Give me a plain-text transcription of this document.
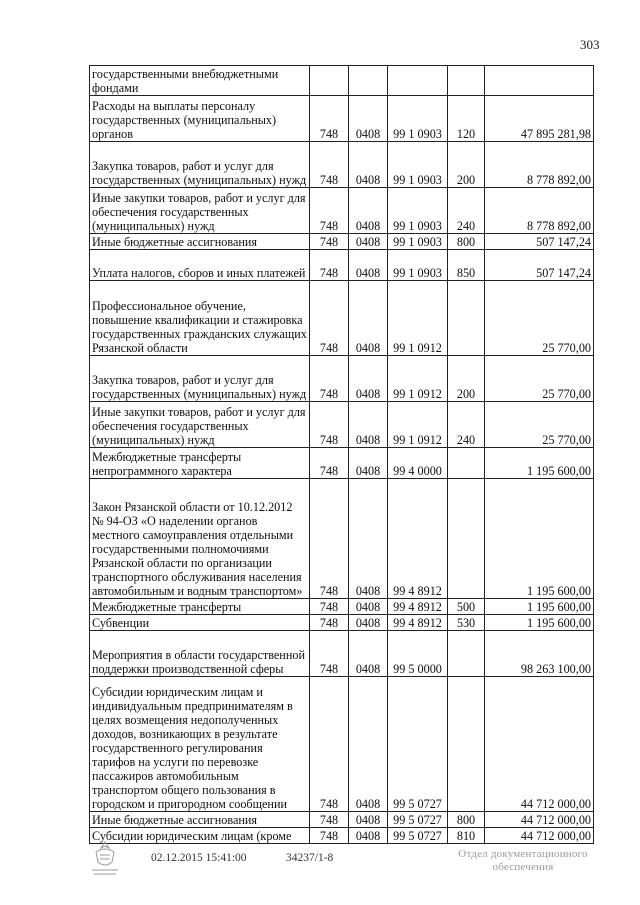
303
государственными внебюджетными фондами					
Расходы на выплаты персоналу государственных (муниципальных) органов	748	0408	99 1 0903	120	47 895 281,98
Закупка товаров, работ и услуг для государственных (муниципальных) нужд	748	0408	99 1 0903	200	8 778 892,00
Иные закупки товаров, работ и услуг для обеспечения государственных (муниципальных) нужд	748	0408	99 1 0903	240	8 778 892,00
Иные бюджетные ассигнования	748	0408	99 1 0903	800	507 147,24
Уплата налогов, сборов и иных платежей	748	0408	99 1 0903	850	507 147,24
Профессиональное обучение, повышение квалификации и стажировка государственных гражданских служащих Рязанской области	748	0408	99 1 0912		25 770,00
Закупка товаров, работ и услуг для государственных (муниципальных) нужд	748	0408	99 1 0912	200	25 770,00
Иные закупки товаров, работ и услуг для обеспечения государственных (муниципальных) нужд	748	0408	99 1 0912	240	25 770,00
Межбюджетные трансферты непрограммного характера	748	0408	99 4 0000		1 195 600,00
Закон Рязанской области от 10.12.2012 № 94-ОЗ «О наделении органов местного самоуправления отдельными государственными полномочиями Рязанской области по организации транспортного обслуживания населения автомобильным и водным транспортом»	748	0408	99 4 8912		1 195 600,00
Межбюджетные трансферты	748	0408	99 4 8912	500	1 195 600,00
Субвенции	748	0408	99 4 8912	530	1 195 600,00
Мероприятия в области государственной поддержки производственной сферы	748	0408	99 5 0000		98 263 100,00
Субсидии юридическим лицам и индивидуальным предпринимателям в целях возмещения недополученных доходов, возникающих в результате государственного регулирования тарифов на услуги по перевозке пассажиров автомобильным транспортом общего пользования в городском и пригородном сообщении	748	0408	99 5 0727		44 712 000,00
Иные бюджетные ассигнования	748	0408	99 5 0727	800	44 712 000,00
Субсидии юридическим лицам (кроме	748	0408	99 5 0727	810	44 712 000,00
02.12.2015 15:41:00	34237/1-8	Отдел документационного обеспечения
